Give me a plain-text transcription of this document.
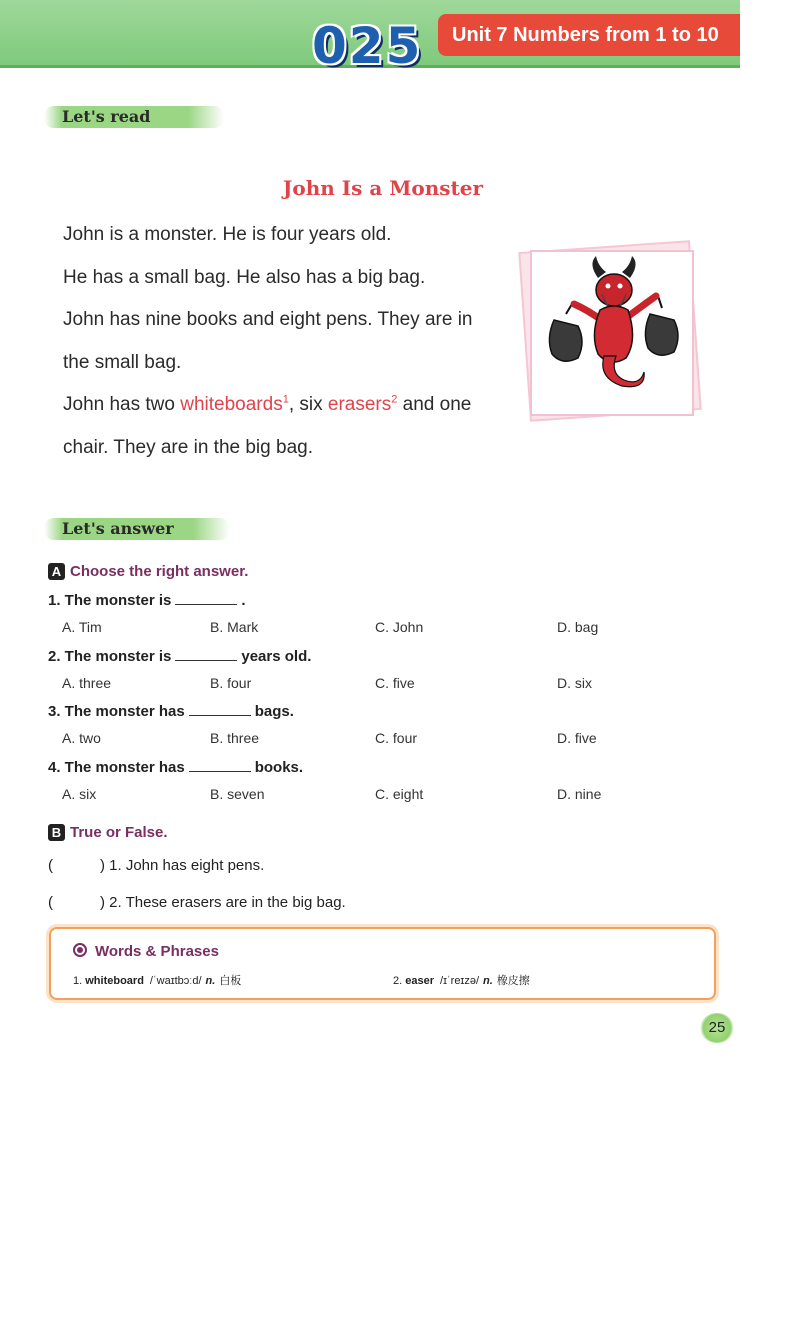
025	Unit 7 Numbers from 1 to 10
Let's read
John Is a Monster

John is a monster. He is four years old.

He has a small bag. He also has a big bag.

John has nine books and eight pens. They are in

the small bag.

John has two whiteboards$^1$, six erasers$^2$ and one

chair. They are in the big bag.

Let's answer
A Choose the right answer.
1. The monster is	.
A. Tim	B. Mark	C. John	D. bag
2. The monster is	years old.
A. three	B. four	C. five	D. six
3. The monster has	bags.
A. two	B. three	C. four	D. five
4. The monster has	books.
A. six	B. seven	C. eight	D. nine
B True or False.
(	) 1. John has eight pens.
(	) 2. These erasers are in the big bag.
Words & Phrases
1. whiteboard /ˈwaɪtbɔːd/ n. 白板	2. easer /ɪˈreɪzə/ n. 橡皮擦
25
